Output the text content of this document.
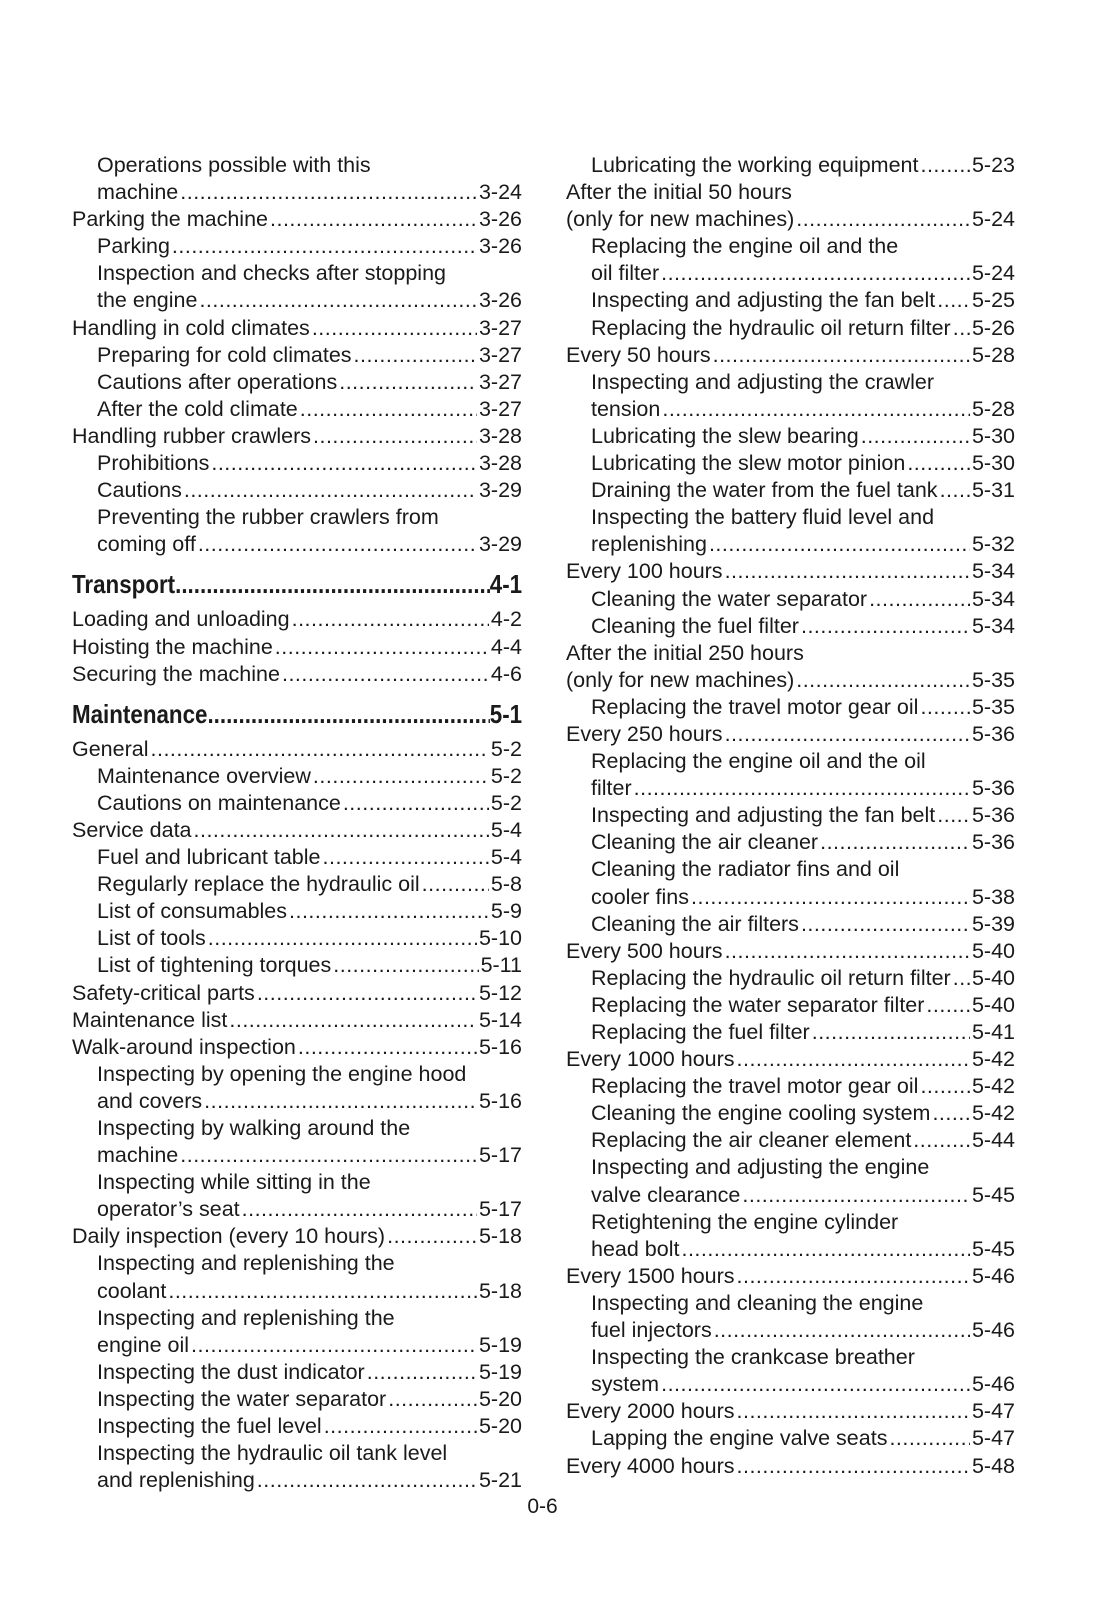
Operations possible with this
machine .....	3-24
Parking the machine .....	3-26
Parking .....	3-26
Inspection and checks after stopping
the engine .....	3-26
Handling in cold climates .....	3-27
Preparing for cold climates .....	3-27
Cautions after operations .....	3-27
After the cold climate .....	3-27
Handling rubber crawlers .....	3-28
Prohibitions .....	3-28
Cautions .....	3-29
Preventing the rubber crawlers from
coming off .....	3-29
Transport .....	4-1
Loading and unloading .....	4-2
Hoisting the machine .....	4-4
Securing the machine .....	4-6
Maintenance .....	5-1
General .....	5-2
Maintenance overview .....	5-2
Cautions on maintenance .....	5-2
Service data .....	5-4
Fuel and lubricant table .....	5-4
Regularly replace the hydraulic oil .....	5-8
List of consumables .....	5-9
List of tools .....	5-10
List of tightening torques .....	5-11
Safety-critical parts .....	5-12
Maintenance list .....	5-14
Walk-around inspection .....	5-16
Inspecting by opening the engine hood
and covers .....	5-16
Inspecting by walking around the
machine .....	5-17
Inspecting while sitting in the
operator’s seat .....	5-17
Daily inspection (every 10 hours) .....	5-18
Inspecting and replenishing the
coolant .....	5-18
Inspecting and replenishing the
engine oil .....	5-19
Inspecting the dust indicator .....	5-19
Inspecting the water separator .....	5-20
Inspecting the fuel level .....	5-20
Inspecting the hydraulic oil tank level
and replenishing .....	5-21
Lubricating the working equipment ..... 5-23
After the initial 50 hours
(only for new machines) .....	5-24
Replacing the engine oil and the
oil filter .....	5-24
Inspecting and adjusting the fan belt ..... 5-25
Replacing the hydraulic oil return filter ..... 5-26
Every 50 hours .....	5-28
Inspecting and adjusting the crawler
tension .....	5-28
Lubricating the slew bearing .....	5-30
Lubricating the slew motor pinion .....	5-30
Draining the water from the fuel tank ..... 5-31
Inspecting the battery fluid level and
replenishing .....	5-32
Every 100 hours .....	5-34
Cleaning the water separator .....	5-34
Cleaning the fuel filter .....	5-34
After the initial 250 hours
(only for new machines) .....	5-35
Replacing the travel motor gear oil ..... 5-35
Every 250 hours .....	5-36
Replacing the engine oil and the oil
filter .....	5-36
Inspecting and adjusting the fan belt ..... 5-36
Cleaning the air cleaner .....	5-36
Cleaning the radiator fins and oil
cooler fins .....	5-38
Cleaning the air filters .....	5-39
Every 500 hours .....	5-40
Replacing the hydraulic oil return filter ..... 5-40
Replacing the water separator filter ..... 5-40
Replacing the fuel filter .....	5-41
Every 1000 hours .....	5-42
Replacing the travel motor gear oil ..... 5-42
Cleaning the engine cooling system ..... 5-42
Replacing the air cleaner element .....	5-44
Inspecting and adjusting the engine
valve clearance .....	5-45
Retightening the engine cylinder
head bolt .....	5-45
Every 1500 hours .....	5-46
Inspecting and cleaning the engine
fuel injectors .....	5-46
Inspecting the crankcase breather
system .....	5-46
Every 2000 hours .....	5-47
Lapping the engine valve seats .....	5-47
Every 4000 hours .....	5-48
0-6
